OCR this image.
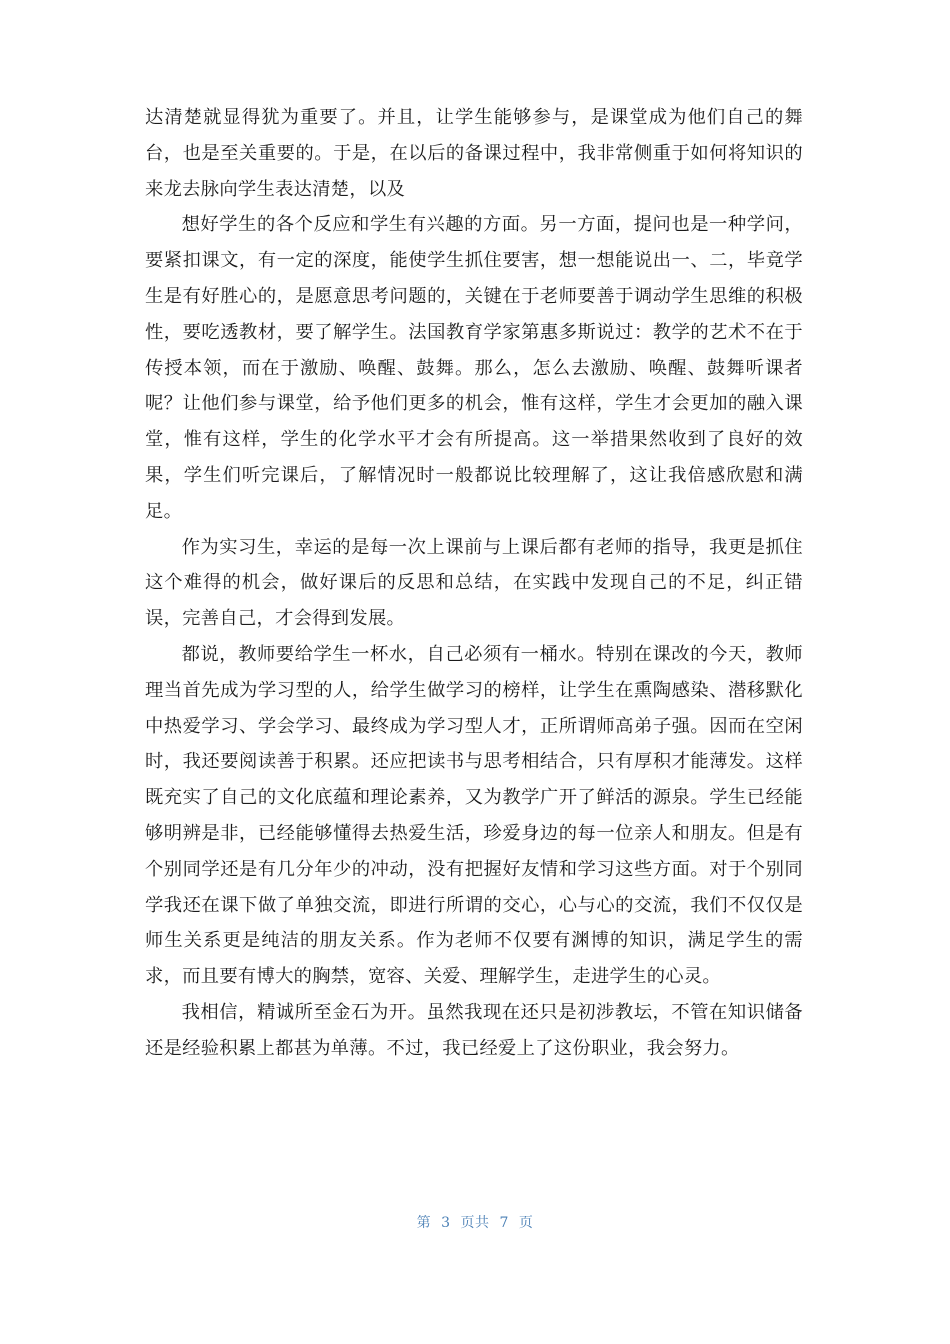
达清楚就显得犹为重要了。并且，让学生能够参与，是课堂成为他们自己的舞台，也是至关重要的。于是，在以后的备课过程中，我非常侧重于如何将知识的来龙去脉向学生表达清楚，以及

想好学生的各个反应和学生有兴趣的方面。另一方面，提问也是一种学问，要紧扣课文，有一定的深度，能使学生抓住要害，想一想能说出一、二，毕竟学生是有好胜心的，是愿意思考问题的，关键在于老师要善于调动学生思维的积极性，要吃透教材，要了解学生。法国教育学家第惠多斯说过：教学的艺术不在于传授本领，而在于激励、唤醒、鼓舞。那么，怎么去激励、唤醒、鼓舞听课者呢？让他们参与课堂，给予他们更多的机会，惟有这样，学生才会更加的融入课堂，惟有这样，学生的化学水平才会有所提高。这一举措果然收到了良好的效果，学生们听完课后，了解情况时一般都说比较理解了，这让我倍感欣慰和满足。

作为实习生，幸运的是每一次上课前与上课后都有老师的指导，我更是抓住这个难得的机会，做好课后的反思和总结，在实践中发现自己的不足，纠正错误，完善自己，才会得到发展。

都说，教师要给学生一杯水，自己必须有一桶水。特别在课改的今天，教师理当首先成为学习型的人，给学生做学习的榜样，让学生在熏陶感染、潜移默化中热爱学习、学会学习、最终成为学习型人才，正所谓师高弟子强。因而在空闲时，我还要阅读善于积累。还应把读书与思考相结合，只有厚积才能薄发。这样既充实了自己的文化底蕴和理论素养，又为教学广开了鲜活的源泉。学生已经能够明辨是非，已经能够懂得去热爱生活，珍爱身边的每一位亲人和朋友。但是有个别同学还是有几分年少的冲动，没有把握好友情和学习这些方面。对于个别同学我还在课下做了单独交流，即进行所谓的交心，心与心的交流，我们不仅仅是师生关系更是纯洁的朋友关系。作为老师不仅要有渊博的知识，满足学生的需求，而且要有博大的胸禁，宽容、关爱、理解学生，走进学生的心灵。

我相信，精诚所至金石为开。虽然我现在还只是初涉教坛，不管在知识储备还是经验积累上都甚为单薄。不过，我已经爱上了这份职业，我会努力。

第 3 页共 7 页
